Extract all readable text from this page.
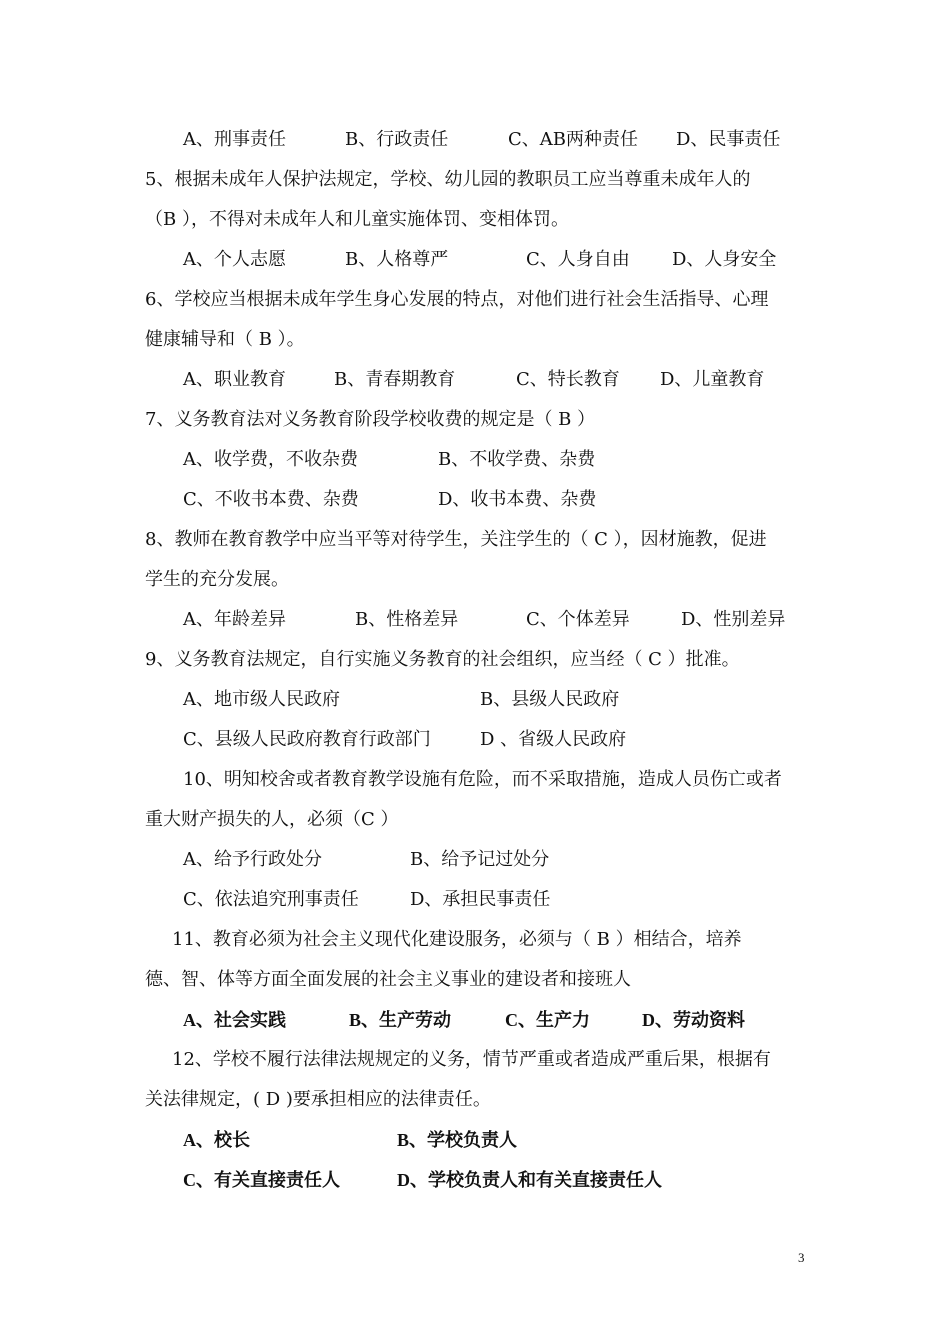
A、刑事责任	B、行政责任	C、AB两种责任 D、民事责任
5、根据未成年人保护法规定，学校、幼儿园的教职员工应当尊重未成年人的
（B ），不得对未成年人和儿童实施体罚、变相体罚。
A、个人志愿	B、人格尊严	C、人身自由 D、人身安全
6、学校应当根据未成年学生身心发展的特点，对他们进行社会生活指导、心理
健康辅导和（ B ）。
A、职业教育	B、青春期教育	C、特长教育 D、儿童教育
7、义务教育法对义务教育阶段学校收费的规定是（ B ）
A、收学费，不收杂费	B、不收学费、杂费
C、不收书本费、杂费	D、收书本费、杂费
8、教师在教育教学中应当平等对待学生，关注学生的（ C ），因材施教，促进
学生的充分发展。
A、年龄差异	B、性格差异	C、个体差异	D、性别差异
9、义务教育法规定，自行实施义务教育的社会组织，应当经（ C ）批准。
A、地市级人民政府	B、县级人民政府
C、县级人民政府教育行政部门	D 、省级人民政府
10、明知校舍或者教育教学设施有危险，而不采取措施，造成人员伤亡或者
重大财产损失的人，必须（C ）
A、给予行政处分	B、给予记过处分
C、依法追究刑事责任	D、承担民事责任
11、教育必须为社会主义现代化建设服务，必须与（ B ）相结合，培养
德、智、体等方面全面发展的社会主义事业的建设者和接班人
A、社会实践	B、生产劳动	C、生产力	D、劳动资料
12、学校不履行法律法规规定的义务，情节严重或者造成严重后果，根据有
关法律规定，( D )要承担相应的法律责任。
A、校长	B、学校负责人
C、有关直接责任人	D、学校负责人和有关直接责任人
3
